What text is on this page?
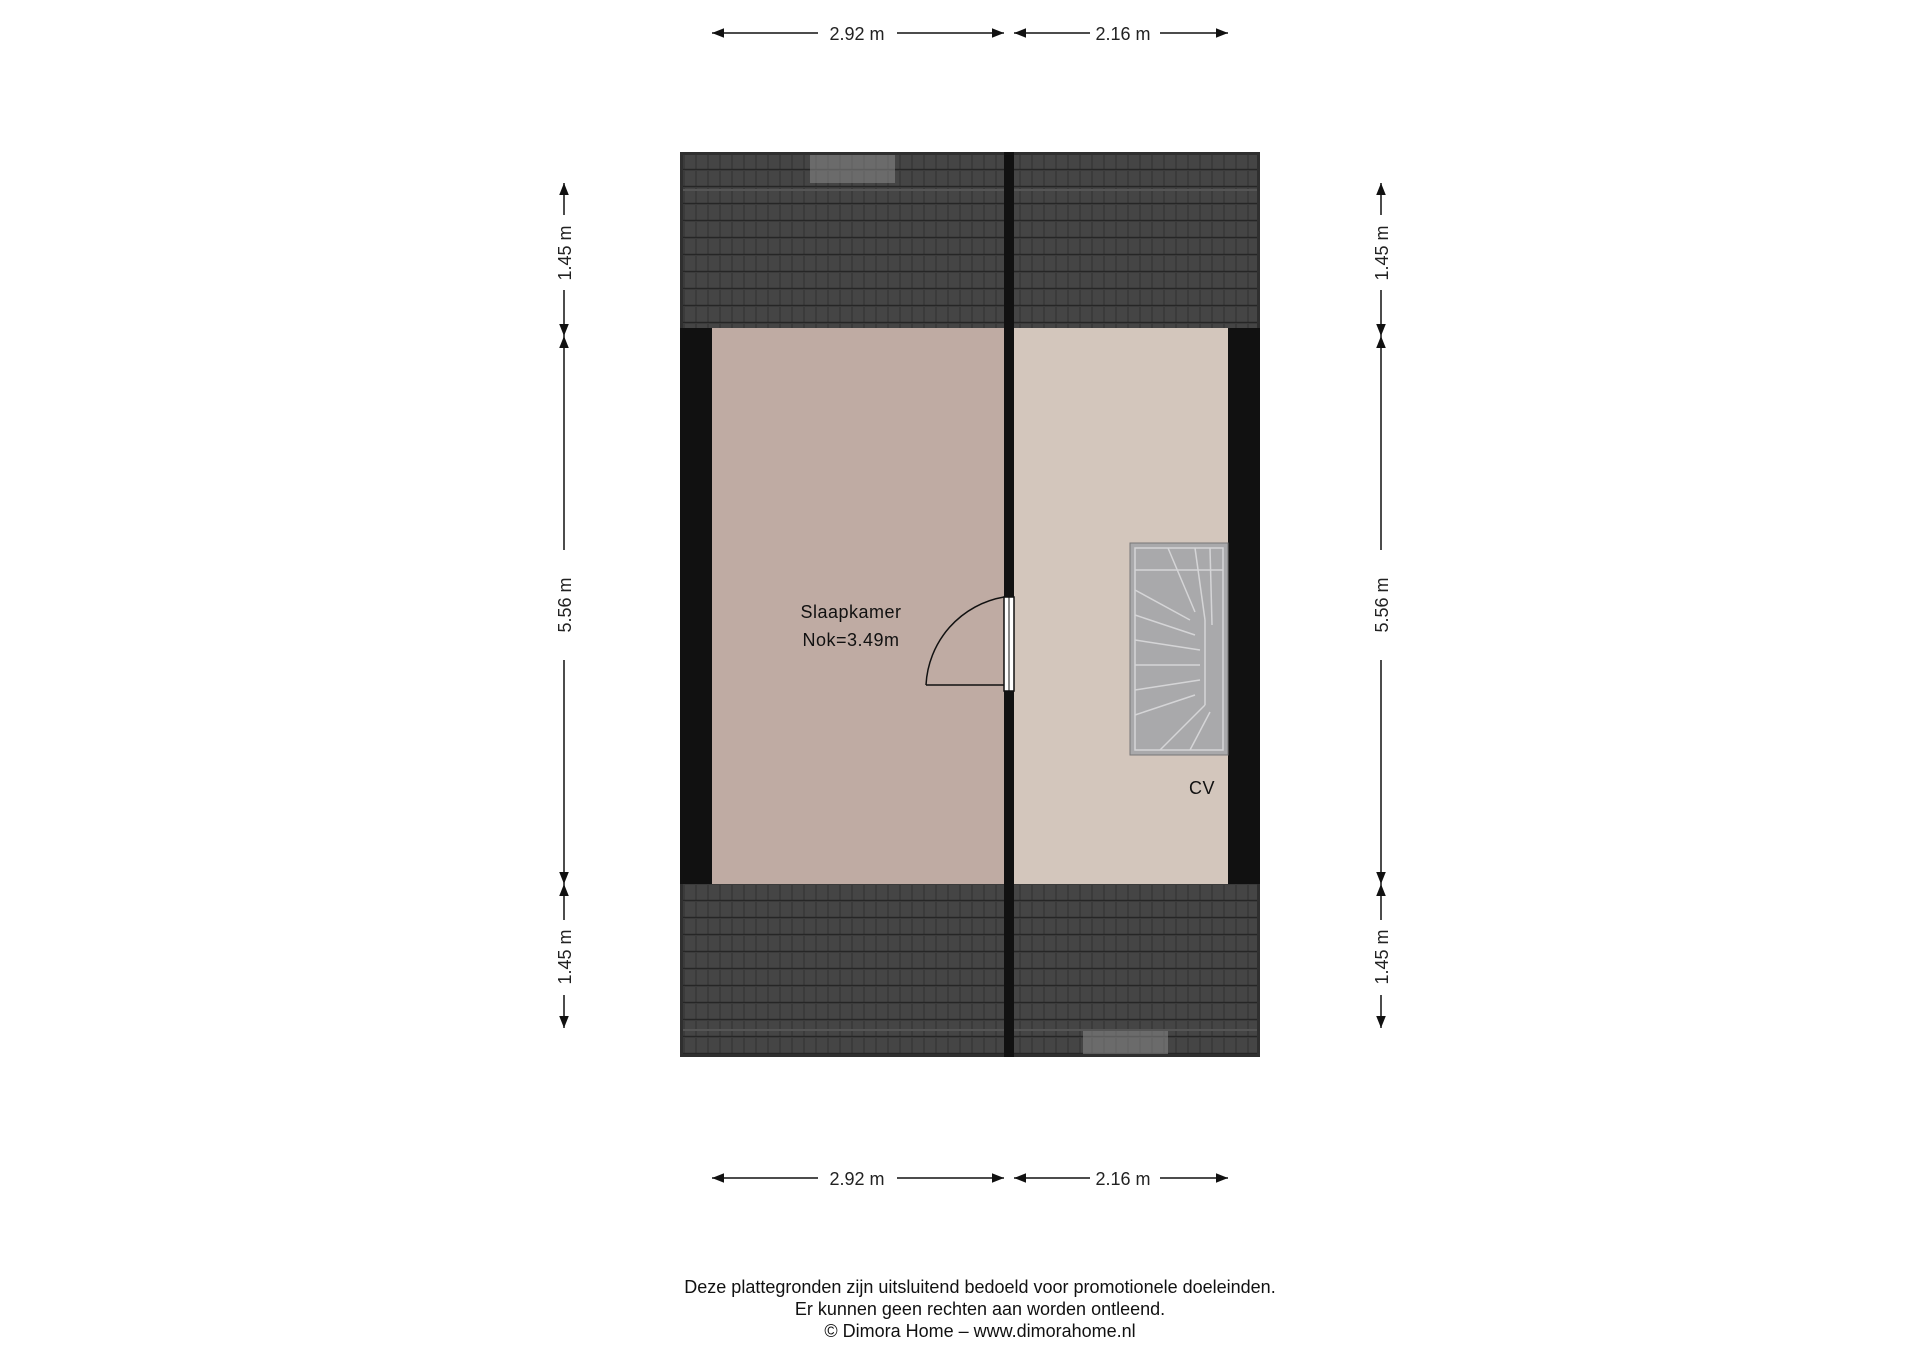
Slaapkamer
Nok=3.49m
CV
2.92 m	2.16 m
2.92 m	2.16 m
1.45 m
5.56 m
1.45 m
1.45 m
5.56 m
1.45 m
Deze plattegronden zijn uitsluitend bedoeld voor promotionele doeleinden.
Er kunnen geen rechten aan worden ontleend.
© Dimora Home – www.dimorahome.nl
